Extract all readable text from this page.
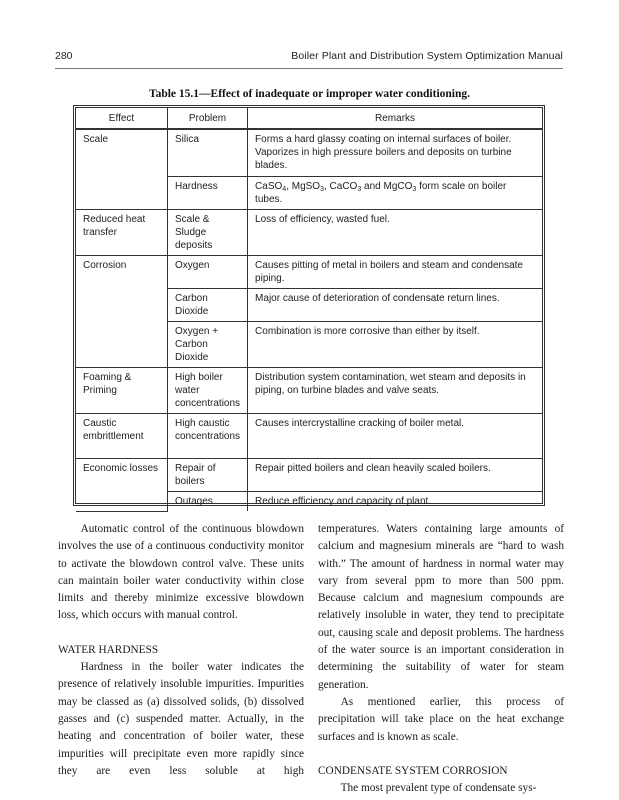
280	Boiler Plant and Distribution System Optimization Manual
Table 15.1—Effect of inadequate or improper water conditioning.
Effect	Problem	Remarks
Scale	Silica	Forms a hard glassy coating on internal surfaces of boiler. Vaporizes in high pressure boilers and deposits on turbine blades.
	Hardness	CaSO$_4$, MgSO$_3$, CaCO$_3$ and MgCO$_3$ form scale on boiler tubes.
Reduced heat transfer	Scale & Sludge deposits	Loss of efficiency, wasted fuel.
Corrosion	Oxygen	Causes pitting of metal in boilers and steam and condensate piping.
	Carbon Dioxide	Major cause of deterioration of condensate return lines.
	Oxygen + Carbon Dioxide	Combination is more corrosive than either by itself.
Foaming & Priming	High boiler water concentrations	Distribution system contamination, wet steam and deposits in piping, on turbine blades and valve seats.
Caustic embrittlement	High caustic concentrations	Causes intercrystalline cracking of boiler metal.
Economic losses	Repair of boilers	Repair pitted boilers and clean heavily scaled boilers.
	Outages	Reduce efficiency and capacity of plant.

Automatic control of the continuous blowdown involves the use of a continuous conductivity monitor to activate the blowdown control valve. These units can maintain boiler water conductivity within close limits and thereby minimize excessive blowdown loss, which occurs with manual control.

WATER HARDNESS

Hardness in the boiler water indicates the presence of relatively insoluble impurities. Impurities may be classed as (a) dissolved solids, (b) dissolved gasses and (c) suspended matter. Actually, in the heating and concentration of boiler water, these impurities will precipitate even more rapidly since they are even less soluble at high

temperatures. Waters containing large amounts of calcium and magnesium minerals are “hard to wash with.” The amount of hardness in normal water may vary from several ppm to more than 500 ppm. Because calcium and magnesium compounds are relatively insoluble in water, they tend to precipitate out, causing scale and deposit problems. The hardness of the water source is an important consideration in determining the suitability of water for steam generation.

As mentioned earlier, this process of precipitation will take place on the heat exchange surfaces and is known as scale.

CONDENSATE SYSTEM CORROSION

The most prevalent type of condensate sys-
